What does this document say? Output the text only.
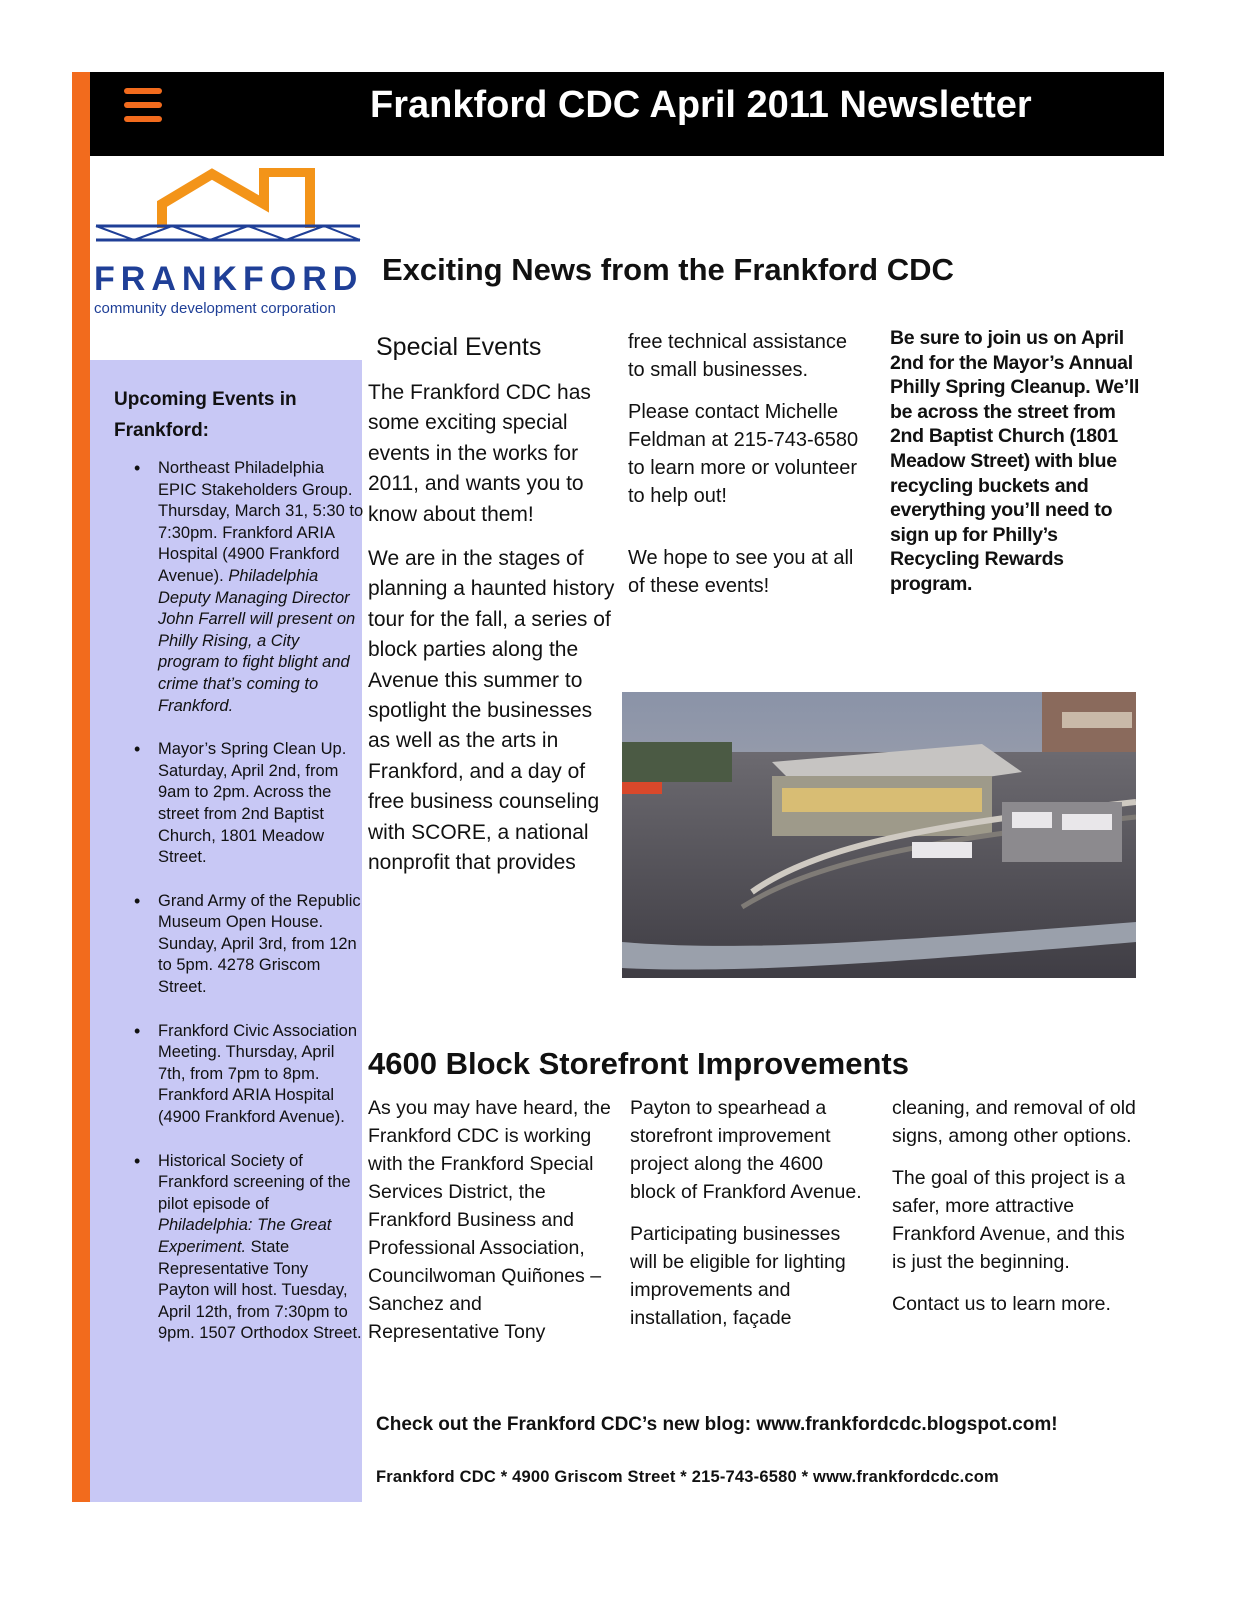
Frankford CDC April 2011 Newsletter
FRANKFORD
community development corporation
Upcoming Events in Frankford:
• Northeast Philadelphia EPIC Stakeholders Group. Thursday, March 31, 5:30 to 7:30pm. Frankford ARIA Hospital (4900 Frankford Avenue). Philadelphia Deputy Managing Director John Farrell will present on Philly Rising, a City program to fight blight and crime that’s coming to Frankford.
• Mayor’s Spring Clean Up. Saturday, April 2nd, from 9am to 2pm. Across the street from 2nd Baptist Church, 1801 Meadow Street.
• Grand Army of the Republic Museum Open House. Sunday, April 3rd, from 12n to 5pm. 4278 Griscom Street.
• Frankford Civic Association Meeting. Thursday, April 7th, from 7pm to 8pm. Frankford ARIA Hospital (4900 Frankford Avenue).
• Historical Society of Frankford screening of the pilot episode of Philadelphia: The Great Experiment. State Representative Tony Payton will host. Tuesday, April 12th, from 7:30pm to 9pm. 1507 Orthodox Street.
Exciting News from the Frankford CDC
Special Events

The Frankford CDC has some exciting special events in the works for 2011, and wants you to know about them!

We are in the stages of planning a haunted history tour for the fall, a series of block parties along the Avenue this summer to spotlight the businesses as well as the arts in Frankford, and a day of free business counseling with SCORE, a national nonprofit that provides

free technical assistance to small businesses.

Please contact Michelle Feldman at 215-743-6580 to learn more or volunteer to help out!

We hope to see you at all of these events!

Be sure to join us on April 2nd for the Mayor’s Annual Philly Spring Cleanup. We’ll be across the street from 2nd Baptist Church (1801 Meadow Street) with blue recycling buckets and everything you’ll need to sign up for Philly’s Recycling Rewards program.
4600 Block Storefront Improvements

As you may have heard, the Frankford CDC is working with the Frankford Special Services District, the Frankford Business and Professional Association, Councilwoman Quiñones –Sanchez and Representative Tony

Payton to spearhead a storefront improvement project along the 4600 block of Frankford Avenue.

Participating businesses will be eligible for lighting improvements and installation, façade

cleaning, and removal of old signs, among other options.

The goal of this project is a safer, more attractive Frankford Avenue, and this is just the beginning.

Contact us to learn more.

Check out the Frankford CDC’s new blog: www.frankfordcdc.blogspot.com!
Frankford CDC * 4900 Griscom Street * 215-743-6580 * www.frankfordcdc.com
